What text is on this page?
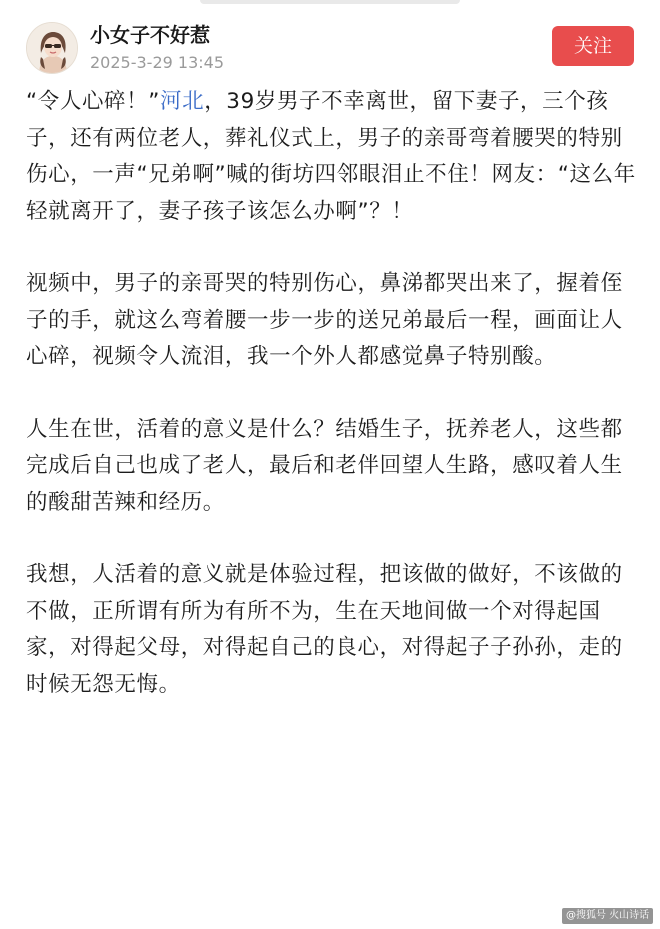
小女子不好惹
2025-3-29 13:45
关注

“令人心碎！”河北，39岁男子不幸离世，留下妻子，三个孩子，还有两位老人，葬礼仪式上，男子的亲哥弯着腰哭的特别伤心，一声“兄弟啊”喊的街坊四邻眼泪止不住！网友：“这么年轻就离开了，妻子孩子该怎么办啊”？！

视频中，男子的亲哥哭的特别伤心，鼻涕都哭出来了，握着侄子的手，就这么弯着腰一步一步的送兄弟最后一程，画面让人心碎，视频令人流泪，我一个外人都感觉鼻子特别酸。

人生在世，活着的意义是什么？结婚生子，抚养老人，这些都完成后自己也成了老人，最后和老伴回望人生路，感叹着人生的酸甜苦辣和经历。

我想，人活着的意义就是体验过程，把该做的做好，不该做的不做，正所谓有所为有所不为，生在天地间做一个对得起国家，对得起父母，对得起自己的良心，对得起子子孙孙，走的时候无怨无悔。

@搜狐号 火山诗话
